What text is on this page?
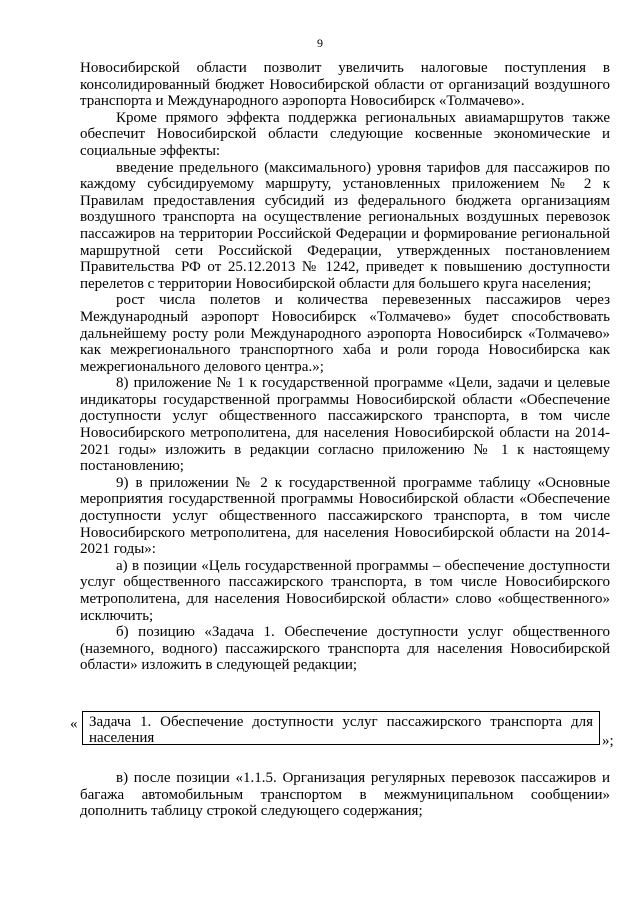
9

Новосибирской области позволит увеличить налоговые поступления в консолидированный бюджет Новосибирской области от организаций воздушного транспорта и Международного аэропорта Новосибирск «Толмачево».

Кроме прямого эффекта поддержка региональных авиамаршрутов также обеспечит Новосибирской области следующие косвенные экономические и социальные эффекты:

введение предельного (максимального) уровня тарифов для пассажиров по каждому субсидируемому маршруту, установленных приложением № 2 к Правилам предоставления субсидий из федерального бюджета организациям воздушного транспорта на осуществление региональных воздушных перевозок пассажиров на территории Российской Федерации и формирование региональной маршрутной сети Российской Федерации, утвержденных постановлением Правительства РФ от 25.12.2013 № 1242, приведет к повышению доступности перелетов с территории Новосибирской области для большего круга населения;

рост числа полетов и количества перевезенных пассажиров через Международный аэропорт Новосибирск «Толмачево» будет способствовать дальнейшему росту роли Международного аэропорта Новосибирск «Толмачево» как межрегионального транспортного хаба и роли города Новосибирска как межрегионального делового центра.»;

8) приложение № 1 к государственной программе «Цели, задачи и целевые индикаторы государственной программы Новосибирской области «Обеспечение доступности услуг общественного пассажирского транспорта, в том числе Новосибирского метрополитена, для населения Новосибирской области на 2014-2021 годы» изложить в редакции согласно приложению № 1 к настоящему постановлению;

9) в приложении № 2 к государственной программе таблицу «Основные мероприятия государственной программы Новосибирской области «Обеспечение доступности услуг общественного пассажирского транспорта, в том числе Новосибирского метрополитена, для населения Новосибирской области на 2014-2021 годы»:

а) в позиции «Цель государственной программы – обеспечение доступности услуг общественного пассажирского транспорта, в том числе Новосибирского метрополитена, для населения Новосибирской области» слово «общественного» исключить;

б) позицию «Задача 1. Обеспечение доступности услуг общественного (наземного, водного) пассажирского транспорта для населения Новосибирской области» изложить в следующей редакции;

« Задача 1. Обеспечение доступности услуг пассажирского транспорта для населения	»;

в) после позиции «1.1.5. Организация регулярных перевозок пассажиров и багажа автомобильным транспортом в межмуниципальном сообщении» дополнить таблицу строкой следующего содержания;
